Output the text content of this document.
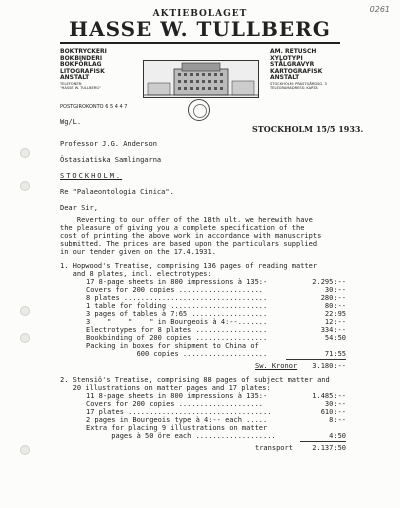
0261
AKTIEBOLAGET
HASSE W. TULLBERG
BOKTRYCKERI
BOKBINDERI
BOKFÖRLAG
LITOGRAFISK
ANSTALT
TELEFONER:
"HASSE W. TULLBERG"
AM. RETUSCH
XYLOTYPI
STÅLGRAVYR
KARTOGRAFISK
ANSTALT
STOCKHOLM: PRÄSTGÅRDSG. 3
TELEGRAMADRESS: KARTA
POSTGIROKONTO 6 5 4 4 7
Wg/L.
STOCKHOLM 15/5 1933.
Professor J.G. Anderson
Östasiatiska Samlingarna
STOCKHOLM.
Re "Palaeontologia Cinica".
Dear Sir,
Reverting to our offer of the 18th ult. we herewith have
the pleasure of giving you a complete specification of the
cost of printing the above work in accordance with manuscripts
submitted. The prices are based upon the particulars supplied
in our tender given on the 17.4.1931.
1. Hopwood's Treatise, comprising 136 pages of reading matter
and 8 plates, incl. electrotypes:
17 8-page sheets in 800 impressions à 135:-	2.295:--
Covers for 200 copies ....................	30:--
8 plates ..................................	280:--
1 table for folding .......................	80:--
3 pages of tables à 7:65 ..................	22:95
3    "    "    " in Bourgeois à 4:--.......	12:--
Electrotypes for 8 plates .................	334:--
Bookbinding of 200 copies .................	54:50
Packing in boxes for shipment to China of
600 copies ....................	71:55
Sw. Kronor	3.180:--
2. Stensiö's Treatise, comprising 88 pages of subject matter and
20 illustrations on matter pages and 17 plates:
11 8-page sheets in 800 impressions à 135:-	1.485:--
Covers for 200 copies ....................	30:--
17 plates ..................................	610:--
2 pages in Bourgeois type à 4:-- each .....	8:--
Extra for placing 9 illustrations on matter
pages à 50 öre each ...................	4:50
transport	2.137:50
